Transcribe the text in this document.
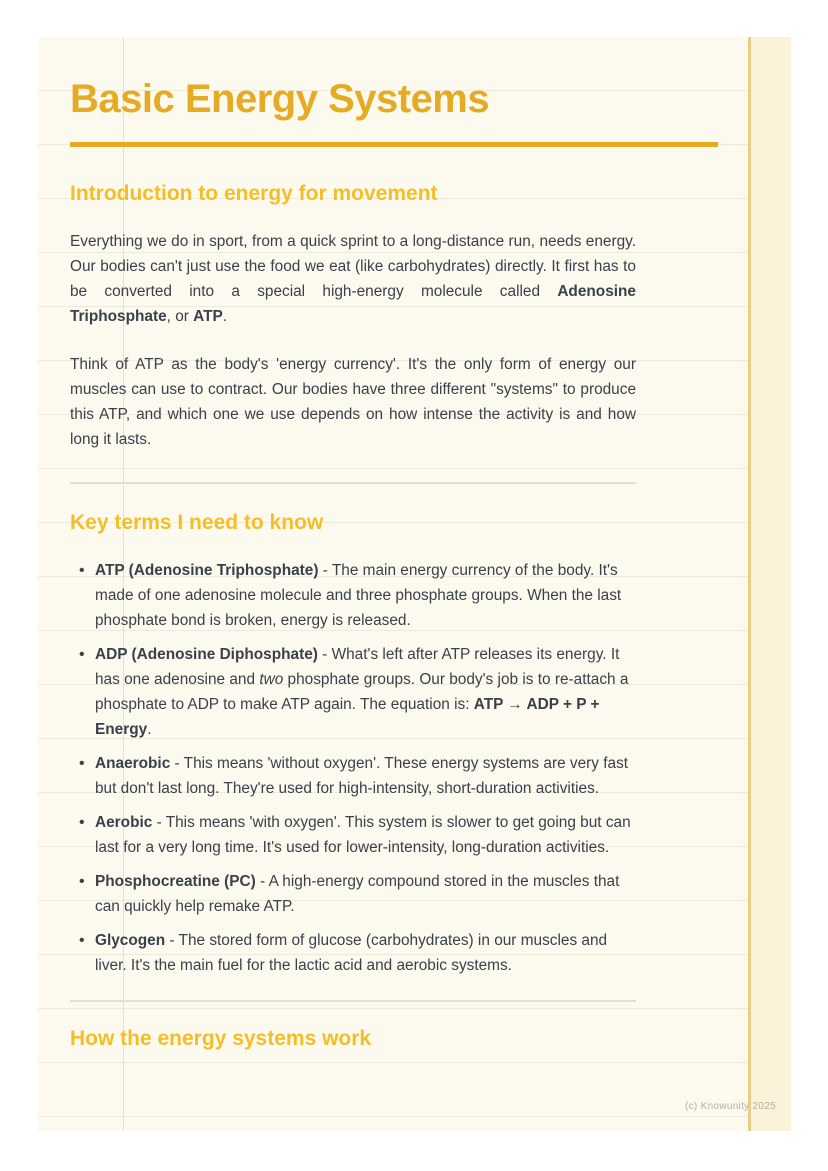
Basic Energy Systems
Introduction to energy for movement

Everything we do in sport, from a quick sprint to a long-distance run, needs energy. Our bodies can't just use the food we eat (like carbohydrates) directly. It first has to be converted into a special high-energy molecule called Adenosine Triphosphate, or ATP.

Think of ATP as the body's 'energy currency'. It's the only form of energy our muscles can use to contract. Our bodies have three different "systems" to produce this ATP, and which one we use depends on how intense the activity is and how long it lasts.

Key terms I need to know
• ATP (Adenosine Triphosphate) - The main energy currency of the body. It's made of one adenosine molecule and three phosphate groups. When the last phosphate bond is broken, energy is released.
• ADP (Adenosine Diphosphate) - What's left after ATP releases its energy. It has one adenosine and two phosphate groups. Our body's job is to re-attach a phosphate to ADP to make ATP again. The equation is: ATP → ADP + P + Energy.
• Anaerobic - This means 'without oxygen'. These energy systems are very fast but don't last long. They're used for high-intensity, short-duration activities.
• Aerobic - This means 'with oxygen'. This system is slower to get going but can last for a very long time. It's used for lower-intensity, long-duration activities.
• Phosphocreatine (PC) - A high-energy compound stored in the muscles that can quickly help remake ATP.
• Glycogen - The stored form of glucose (carbohydrates) in our muscles and liver. It's the main fuel for the lactic acid and aerobic systems.
How the energy systems work
(c) Knowunity 2025
